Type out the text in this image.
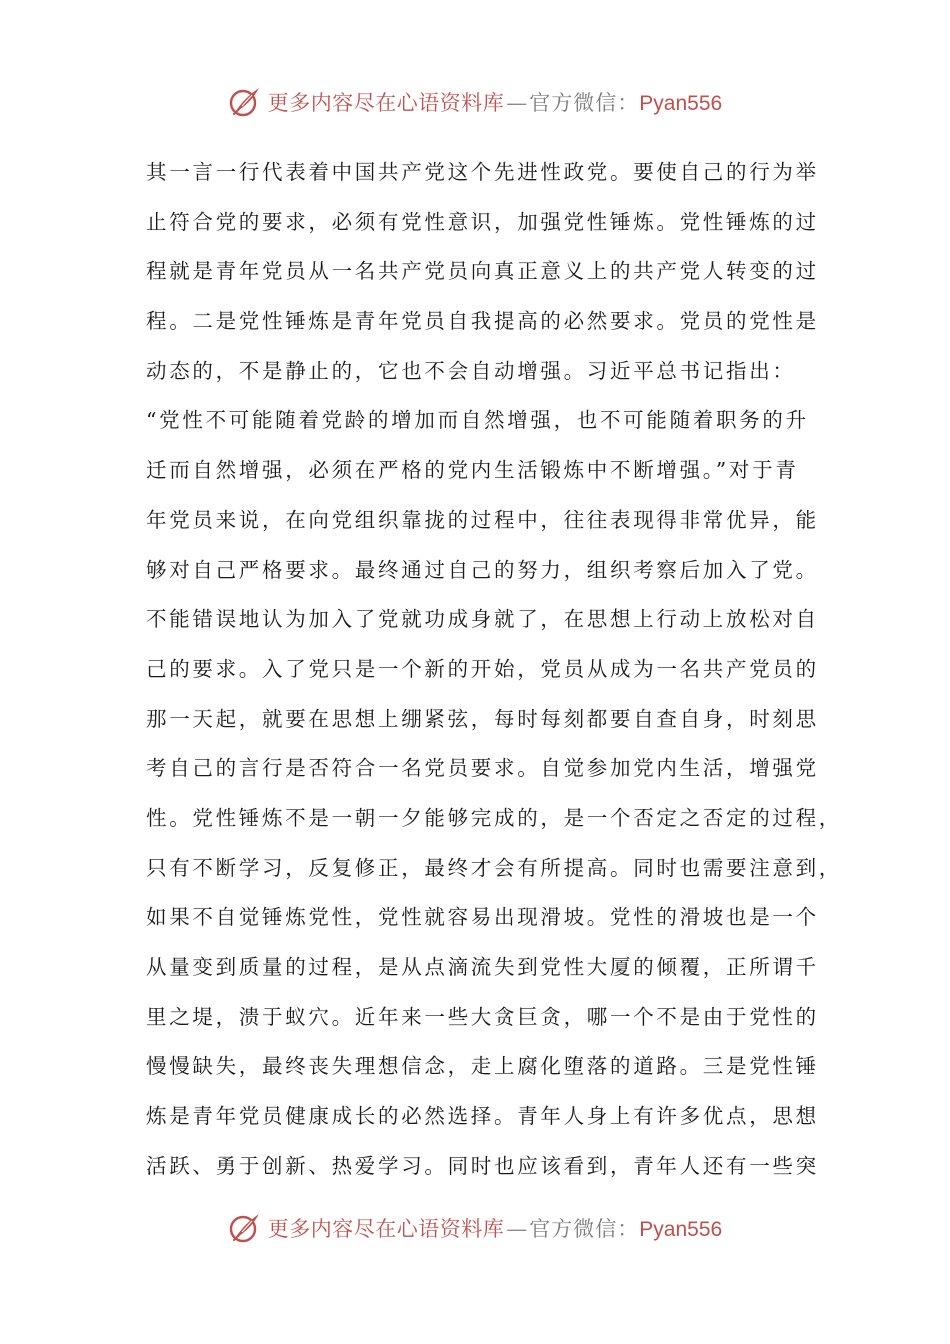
更多内容尽在心语资料库 — 官方微信： Pyan556
其一言一行代表着中国共产党这个先进性政党。要使自己的行为举
止符合党的要求，必须有党性意识，加强党性锤炼。党性锤炼的过
程就是青年党员从一名共产党员向真正意义上的共产党人转变的过
程。二是党性锤炼是青年党员自我提高的必然要求。党员的党性是
动态的，不是静止的，它也不会自动增强。习近平总书记指出：
“党性不可能随着党龄的增加而自然增强，也不可能随着职务的升
迁而自然增强，必须在严格的党内生活锻炼中不断增强。”对于青
年党员来说，在向党组织靠拢的过程中，往往表现得非常优异，能
够对自己严格要求。最终通过自己的努力，组织考察后加入了党。
不能错误地认为加入了党就功成身就了，在思想上行动上放松对自
己的要求。入了党只是一个新的开始，党员从成为一名共产党员的
那一天起，就要在思想上绷紧弦，每时每刻都要自查自身，时刻思
考自己的言行是否符合一名党员要求。自觉参加党内生活，增强党
性。党性锤炼不是一朝一夕能够完成的，是一个否定之否定的过程，
只有不断学习，反复修正，最终才会有所提高。同时也需要注意到，
如果不自觉锤炼党性，党性就容易出现滑坡。党性的滑坡也是一个
从量变到质量的过程，是从点滴流失到党性大厦的倾覆，正所谓千
里之堤，溃于蚁穴。近年来一些大贪巨贪，哪一个不是由于党性的
慢慢缺失，最终丧失理想信念，走上腐化堕落的道路。三是党性锤
炼是青年党员健康成长的必然选择。青年人身上有许多优点，思想
活跃、勇于创新、热爱学习。同时也应该看到，青年人还有一些突
更多内容尽在心语资料库 — 官方微信： Pyan556
